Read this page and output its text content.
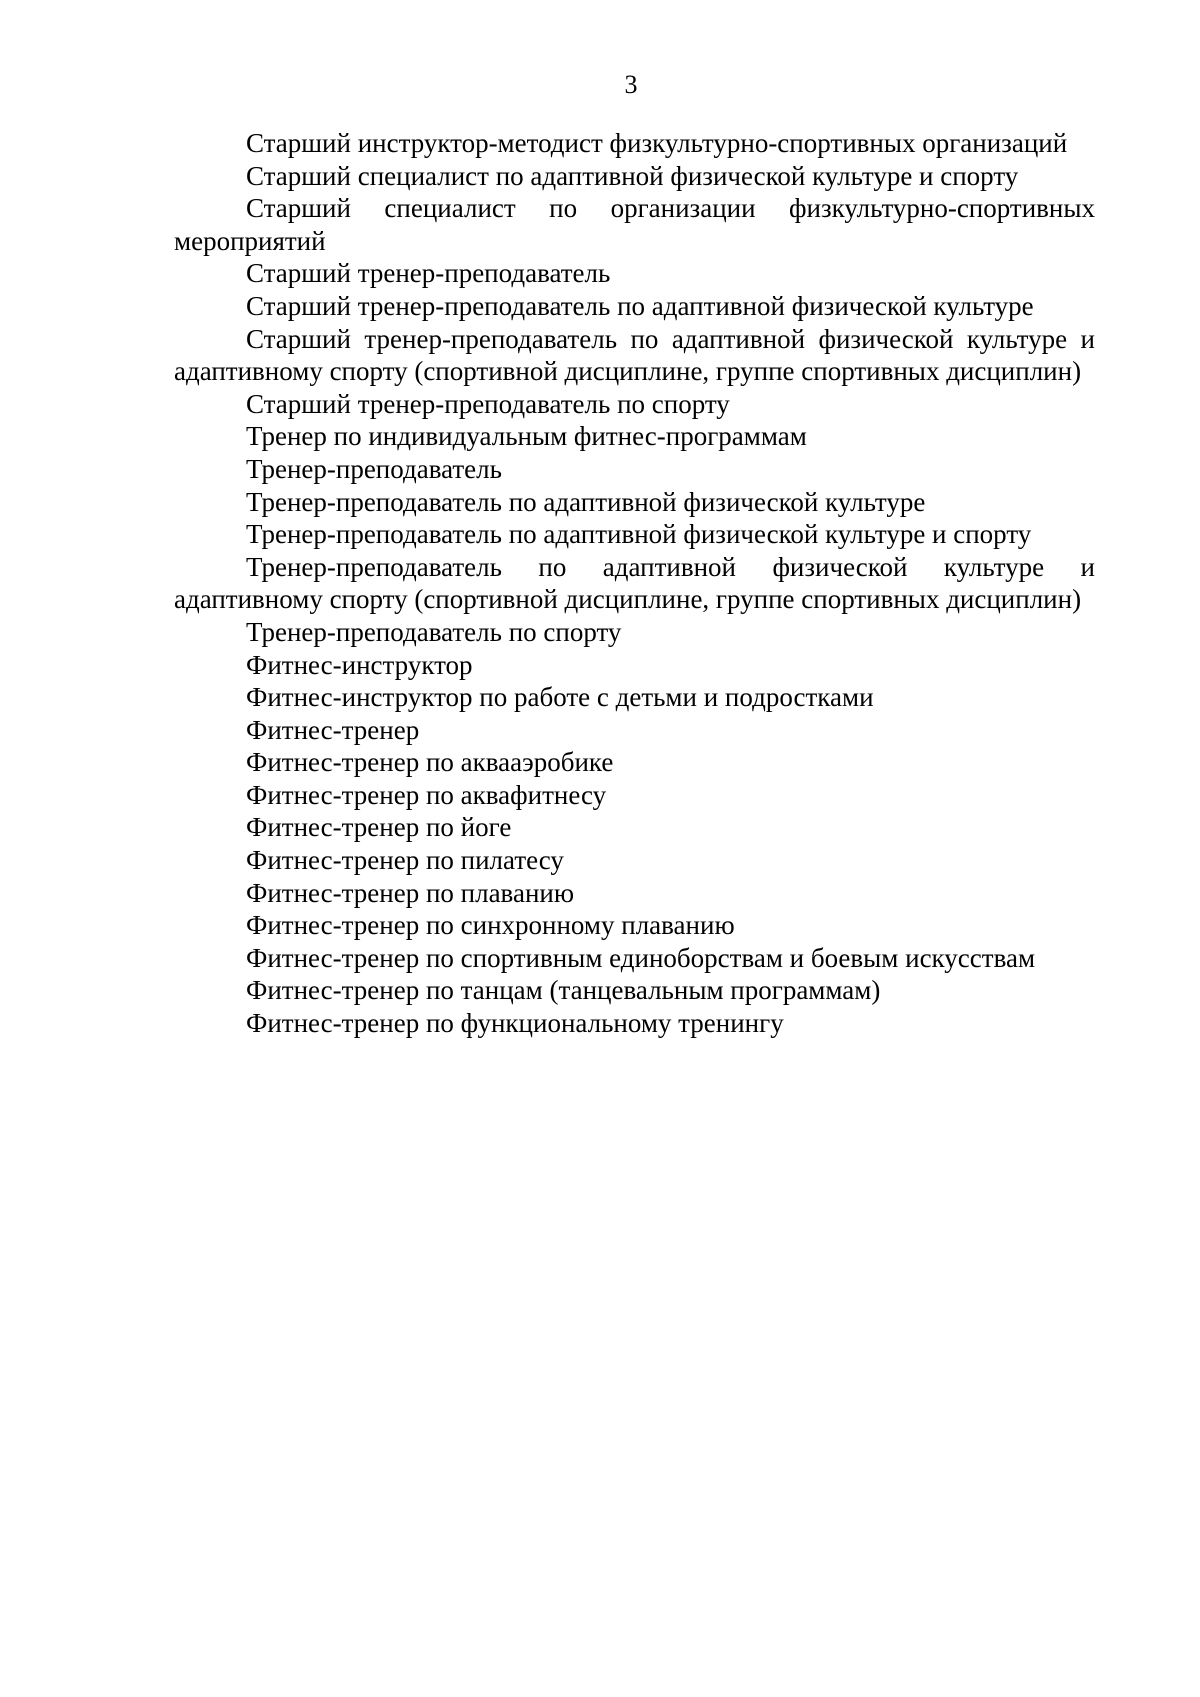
3

Старший инструктор-методист физкультурно-спортивных организаций

Старший специалист по адаптивной физической культуре и спорту

Старший специалист по организации физкультурно-спортивных мероприятий

Старший тренер-преподаватель

Старший тренер-преподаватель по адаптивной физической культуре

Старший тренер-преподаватель по адаптивной физической культуре и адаптивному спорту (спортивной дисциплине, группе спортивных дисциплин)

Старший тренер-преподаватель по спорту

Тренер по индивидуальным фитнес-программам

Тренер-преподаватель

Тренер-преподаватель по адаптивной физической культуре

Тренер-преподаватель по адаптивной физической культуре и спорту

Тренер-преподаватель по адаптивной физической культуре и адаптивному спорту (спортивной дисциплине, группе спортивных дисциплин)

Тренер-преподаватель по спорту

Фитнес-инструктор

Фитнес-инструктор по работе с детьми и подростками

Фитнес-тренер

Фитнес-тренер по аквааэробике

Фитнес-тренер по аквафитнесу

Фитнес-тренер по йоге

Фитнес-тренер по пилатесу

Фитнес-тренер по плаванию

Фитнес-тренер по синхронному плаванию

Фитнес-тренер по спортивным единоборствам и боевым искусствам

Фитнес-тренер по танцам (танцевальным программам)

Фитнес-тренер по функциональному тренингу
